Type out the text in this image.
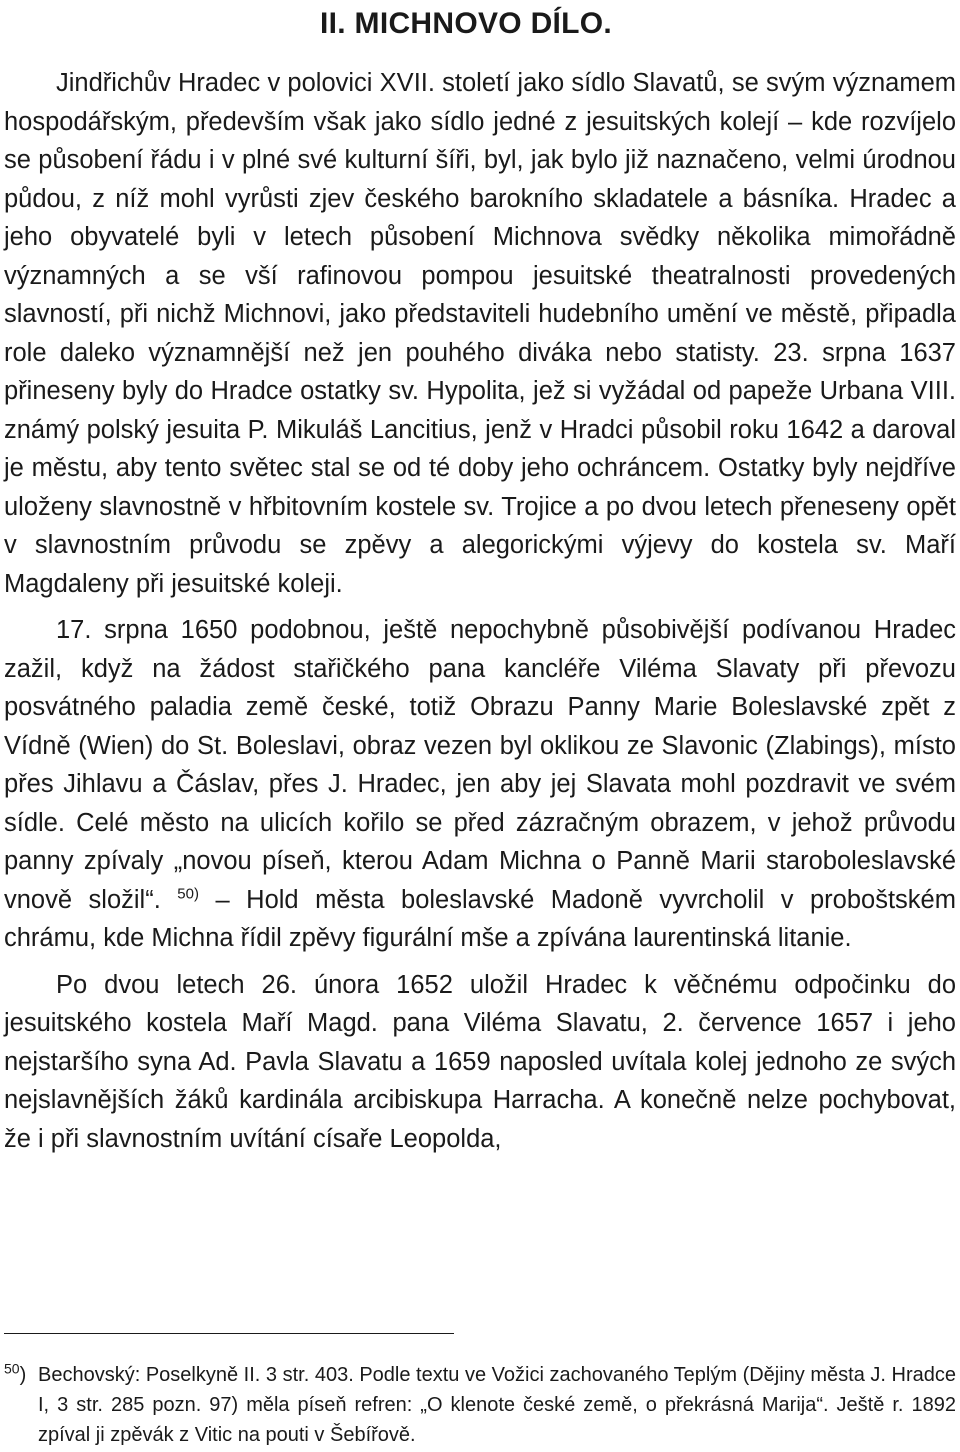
II. MICHNOVO DÍLO.

Jindřichův Hradec v polovici XVII. století jako sídlo Slavatů, se svým významem hospodářským, především však jako sídlo jedné z jesuitských kolejí – kde rozvíjelo se působení řádu i v plné své kulturní šíři, byl, jak bylo již naznačeno, velmi úrodnou půdou, z níž mohl vyrůsti zjev českého barokního skladatele a básníka. Hradec a jeho obyvatelé byli v letech působení Michnova svědky několika mimořádně významných a se vší rafinovou pompou jesuitské theatralnosti provedených slavností, při nichž Michnovi, jako představiteli hudebního umění ve městě, připadla role daleko významnější než jen pouhého diváka nebo statisty. 23. srpna 1637 přineseny byly do Hradce ostatky sv. Hypolita, jež si vyžádal od papeže Urbana VIII. známý polský jesuita P. Mikuláš Lancitius, jenž v Hradci působil roku 1642 a daroval je městu, aby tento světec stal se od té doby jeho ochráncem. Ostatky byly nejdříve uloženy slavnostně v hřbitovním kostele sv. Trojice a po dvou letech přeneseny opět v slavnostním průvodu se zpěvy a alegorickými výjevy do kostela sv. Maří Magdaleny při jesuitské koleji.

17. srpna 1650 podobnou, ještě nepochybně působivější podívanou Hradec zažil, když na žádost stařičkého pana kancléře Viléma Slavaty při převozu posvátného paladia země české, totiž Obrazu Panny Marie Boleslavské zpět z Vídně (Wien) do St. Boleslavi, obraz vezen byl oklikou ze Slavonic (Zlabings), místo přes Jihlavu a Čáslav, přes J. Hradec, jen aby jej Slavata mohl pozdravit ve svém sídle. Celé město na ulicích kořilo se před zázračným obrazem, v jehož průvodu panny zpívaly „novou píseň, kterou Adam Michna o Panně Marii staroboleslavské vnově složil“. $^{50)}$ – Hold města boleslavské Madoně vyvrcholil v proboštském chrámu, kde Michna řídil zpěvy figurální mše a zpívána laurentinská litanie.

Po dvou letech 26. února 1652 uložil Hradec k věčnému odpočinku do jesuitského kostela Maří Magd. pana Viléma Slavatu, 2. července 1657 i jeho nejstaršího syna Ad. Pavla Slavatu a 1659 naposled uvítala kolej jednoho ze svých nejslavnějších žáků kardinála arcibiskupa Harracha. A konečně nelze pochybovat, že i při slavnostním uvítání císaře Leopolda,

$^{50}$) Bechovský: Poselkyně II. 3 str. 403. Podle textu ve Vožici zachovaného Teplým (Dějiny města J. Hradce I, 3 str. 285 pozn. 97) měla píseň refren: „O klenote české země, o překrásná Marija“. Ještě r. 1892 zpíval ji zpěvák z Vitic na pouti v Šebířově.
